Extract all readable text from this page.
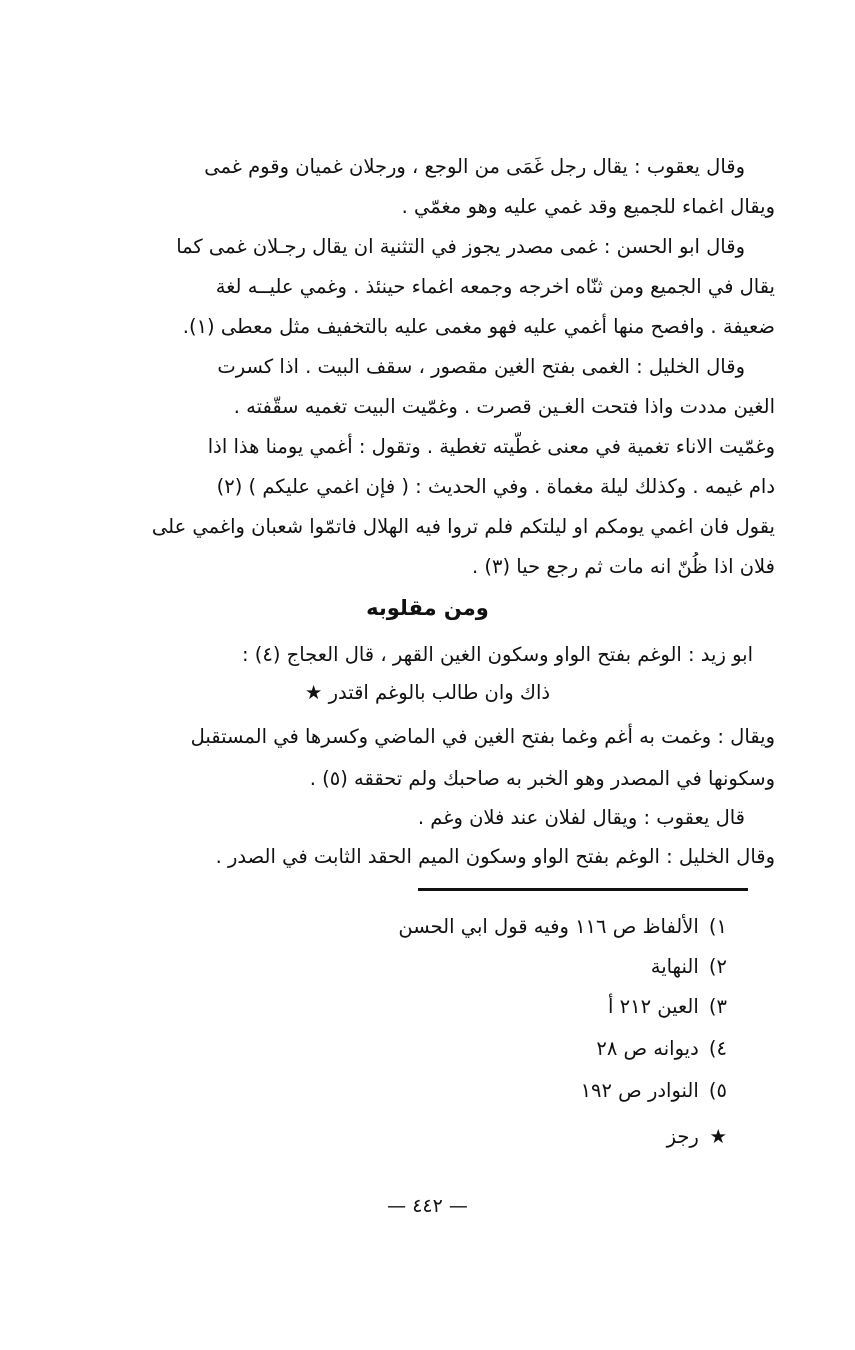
وقال يعقوب : يقال رجل غَمَى من الوجع ، ورجلان غميان وقوم غمى
ويقال اغماء للجميع وقد غمي عليه وهو مغمّي .
وقال ابو الحسن : غمى مصدر يجوز في التثنية ان يقال رجـلان غمى كما
يقال في الجميع ومن ثنّاه اخرجه وجمعه اغماء حينئذ . وغمي عليــه لغة
ضعيفة . وافصح منها أغمي عليه فهو مغمى عليه بالتخفيف مثل معطى (١).
وقال الخليل : الغمى بفتح الغين مقصور ، سقف البيت . اذا كسرت
الغين مددت واذا فتحت الغـين قصرت . وغمّيت البيت تغميه سقّفته .
وغمّيت الاناء تغمية في معنى غطّيته تغطية . وتقول : أغمي يومنا هذا اذا
دام غيمه . وكذلك ليلة مغماة . وفي الحديث : ( فإن اغمي عليكم ) (٢)
يقول فان اغمي يومكم او ليلتكم فلم تروا فيه الهلال فاتمّوا شعبان واغمي على
فلان اذا ظُنّ انه مات ثم رجع حيا (٣) .
ومن مقلوبه
ابو زيد : الوغم بفتح الواو وسكون الغين القهر ، قال العجاج (٤) :
ذاك وان طالب بالوغم اقتدر ★
ويقال : وغمت به أغم وغما بفتح الغين في الماضي وكسرها في المستقبل
وسكونها في المصدر وهو الخبر به صاحبك ولم تحققه (٥) .
قال يعقوب : ويقال لفلان عند فلان وغم .
وقال الخليل : الوغم بفتح الواو وسكون الميم الحقد الثابت في الصدر .
١) الألفاظ ص ١١٦ وفيه قول ابي الحسن
٢) النهاية
٣) العين ٢١٢ أ
٤) ديوانه ص ٢٨
٥) النوادر ص ١٩٢
★ رجز
— ٤٤٢ —
